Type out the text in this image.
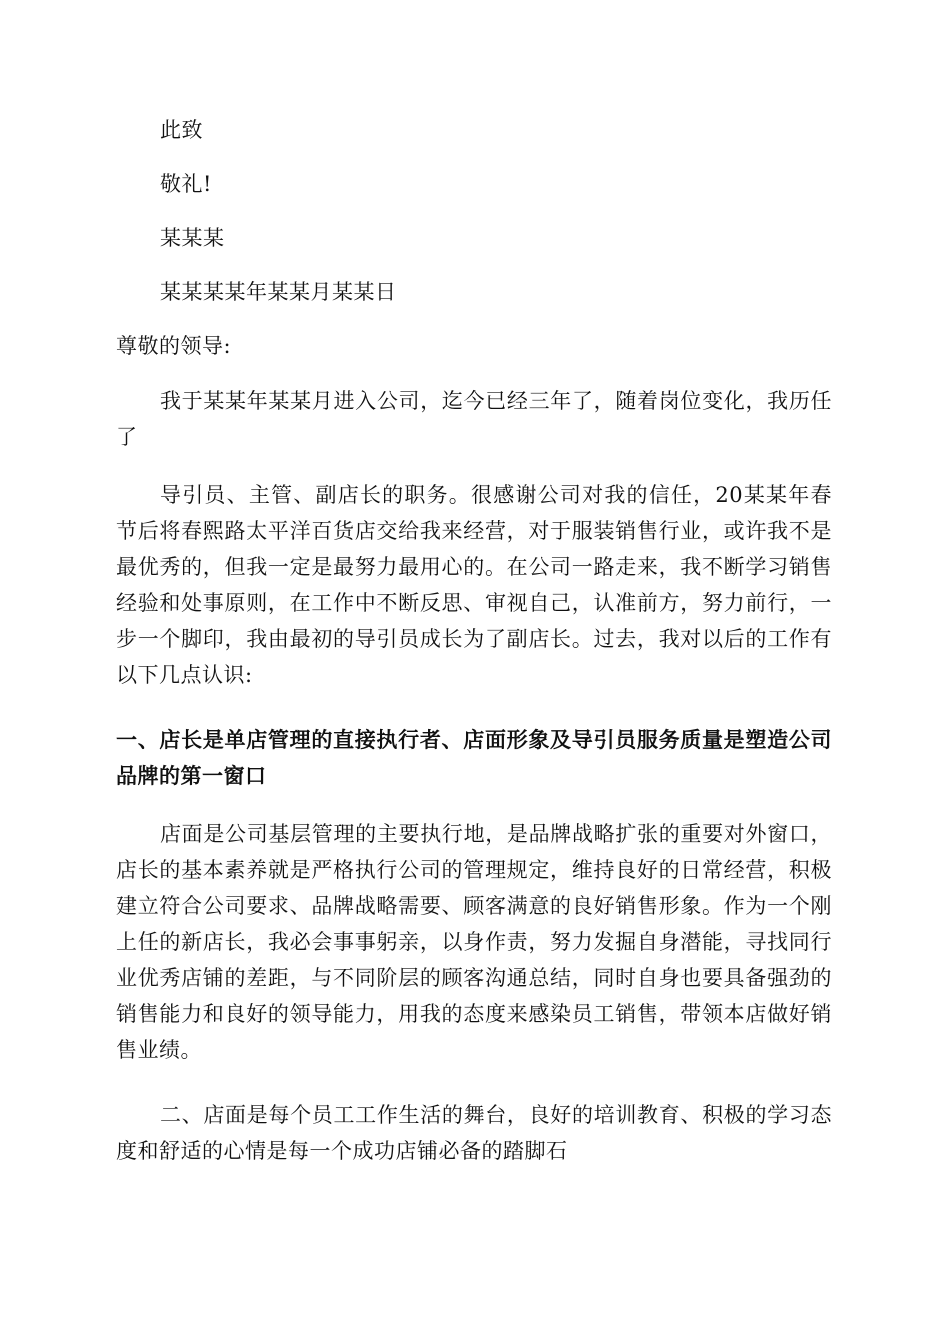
此致
敬礼!
某某某
某某某某年某某月某某日
尊敬的领导:
我于某某年某某月进入公司，迄今已经三年了，随着岗位变化，我历任了
导引员、主管、副店长的职务。很感谢公司对我的信任，20某某年春节后将春熙路太平洋百货店交给我来经营，对于服装销售行业，或许我不是最优秀的，但我一定是最努力最用心的。在公司一路走来，我不断学习销售经验和处事原则，在工作中不断反思、审视自己，认准前方，努力前行，一步一个脚印，我由最初的导引员成长为了副店长。过去，我对以后的工作有以下几点认识:
一、店长是单店管理的直接执行者、店面形象及导引员服务质量是塑造公司品牌的第一窗口
店面是公司基层管理的主要执行地，是品牌战略扩张的重要对外窗口，店长的基本素养就是严格执行公司的管理规定，维持良好的日常经营，积极建立符合公司要求、品牌战略需要、顾客满意的良好销售形象。作为一个刚上任的新店长，我必会事事躬亲，以身作责，努力发掘自身潜能，寻找同行业优秀店铺的差距，与不同阶层的顾客沟通总结，同时自身也要具备强劲的销售能力和良好的领导能力，用我的态度来感染员工销售，带领本店做好销售业绩。
二、店面是每个员工工作生活的舞台，良好的培训教育、积极的学习态度和舒适的心情是每一个成功店铺必备的踏脚石
